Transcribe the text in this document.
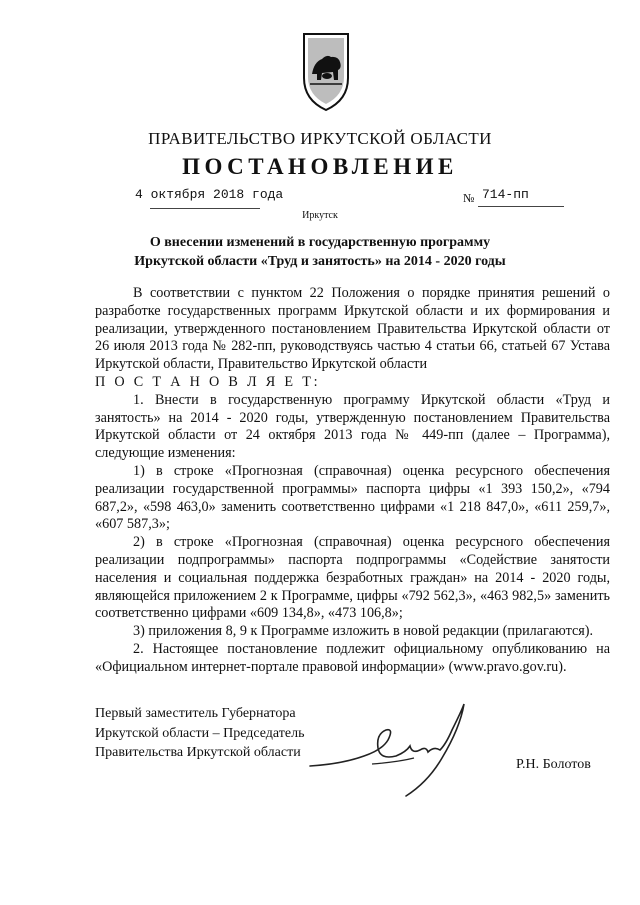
ПРАВИТЕЛЬСТВО ИРКУТСКОЙ ОБЛАСТИ
ПОСТАНОВЛЕНИЕ
4 октября 2018 года	№ 714-пп
Иркутск
О внесении изменений в государственную программу
Иркутской области «Труд и занятость» на 2014 - 2020 годы

В соответствии с пунктом 22 Положения о порядке принятия решений о разработке государственных программ Иркутской области и их формирования и реализации, утвержденного постановлением Правительства Иркутской области от 26 июля 2013 года № 282-пп, руководствуясь частью 4 статьи 66, статьей 67 Устава Иркутской области, Правительство Иркутской области

П О С Т А Н О В Л Я Е Т:

1. Внести в государственную программу Иркутской области «Труд и занятость» на 2014 - 2020 годы, утвержденную постановлением Правительства Иркутской области от 24 октября 2013 года № 449-пп (далее – Программа), следующие изменения:

1) в строке «Прогнозная (справочная) оценка ресурсного обеспечения реализации государственной программы» паспорта цифры «1 393 150,2», «794 687,2», «598 463,0» заменить соответственно цифрами «1 218 847,0», «611 259,7», «607 587,3»;

2) в строке «Прогнозная (справочная) оценка ресурсного обеспечения реализации подпрограммы» паспорта подпрограммы «Содействие занятости населения и социальная поддержка безработных граждан» на 2014 - 2020 годы, являющейся приложением 2 к Программе, цифры «792 562,3», «463 982,5» заменить соответственно цифрами «609 134,8», «473 106,8»;

3) приложения 8, 9 к Программе изложить в новой редакции (прилагаются).

2. Настоящее постановление подлежит официальному опубликованию на «Официальном интернет-портале правовой информации» (www.pravo.gov.ru).

Первый заместитель Губернатора
Иркутской области – Председатель
Правительства Иркутской области
Р.Н. Болотов
